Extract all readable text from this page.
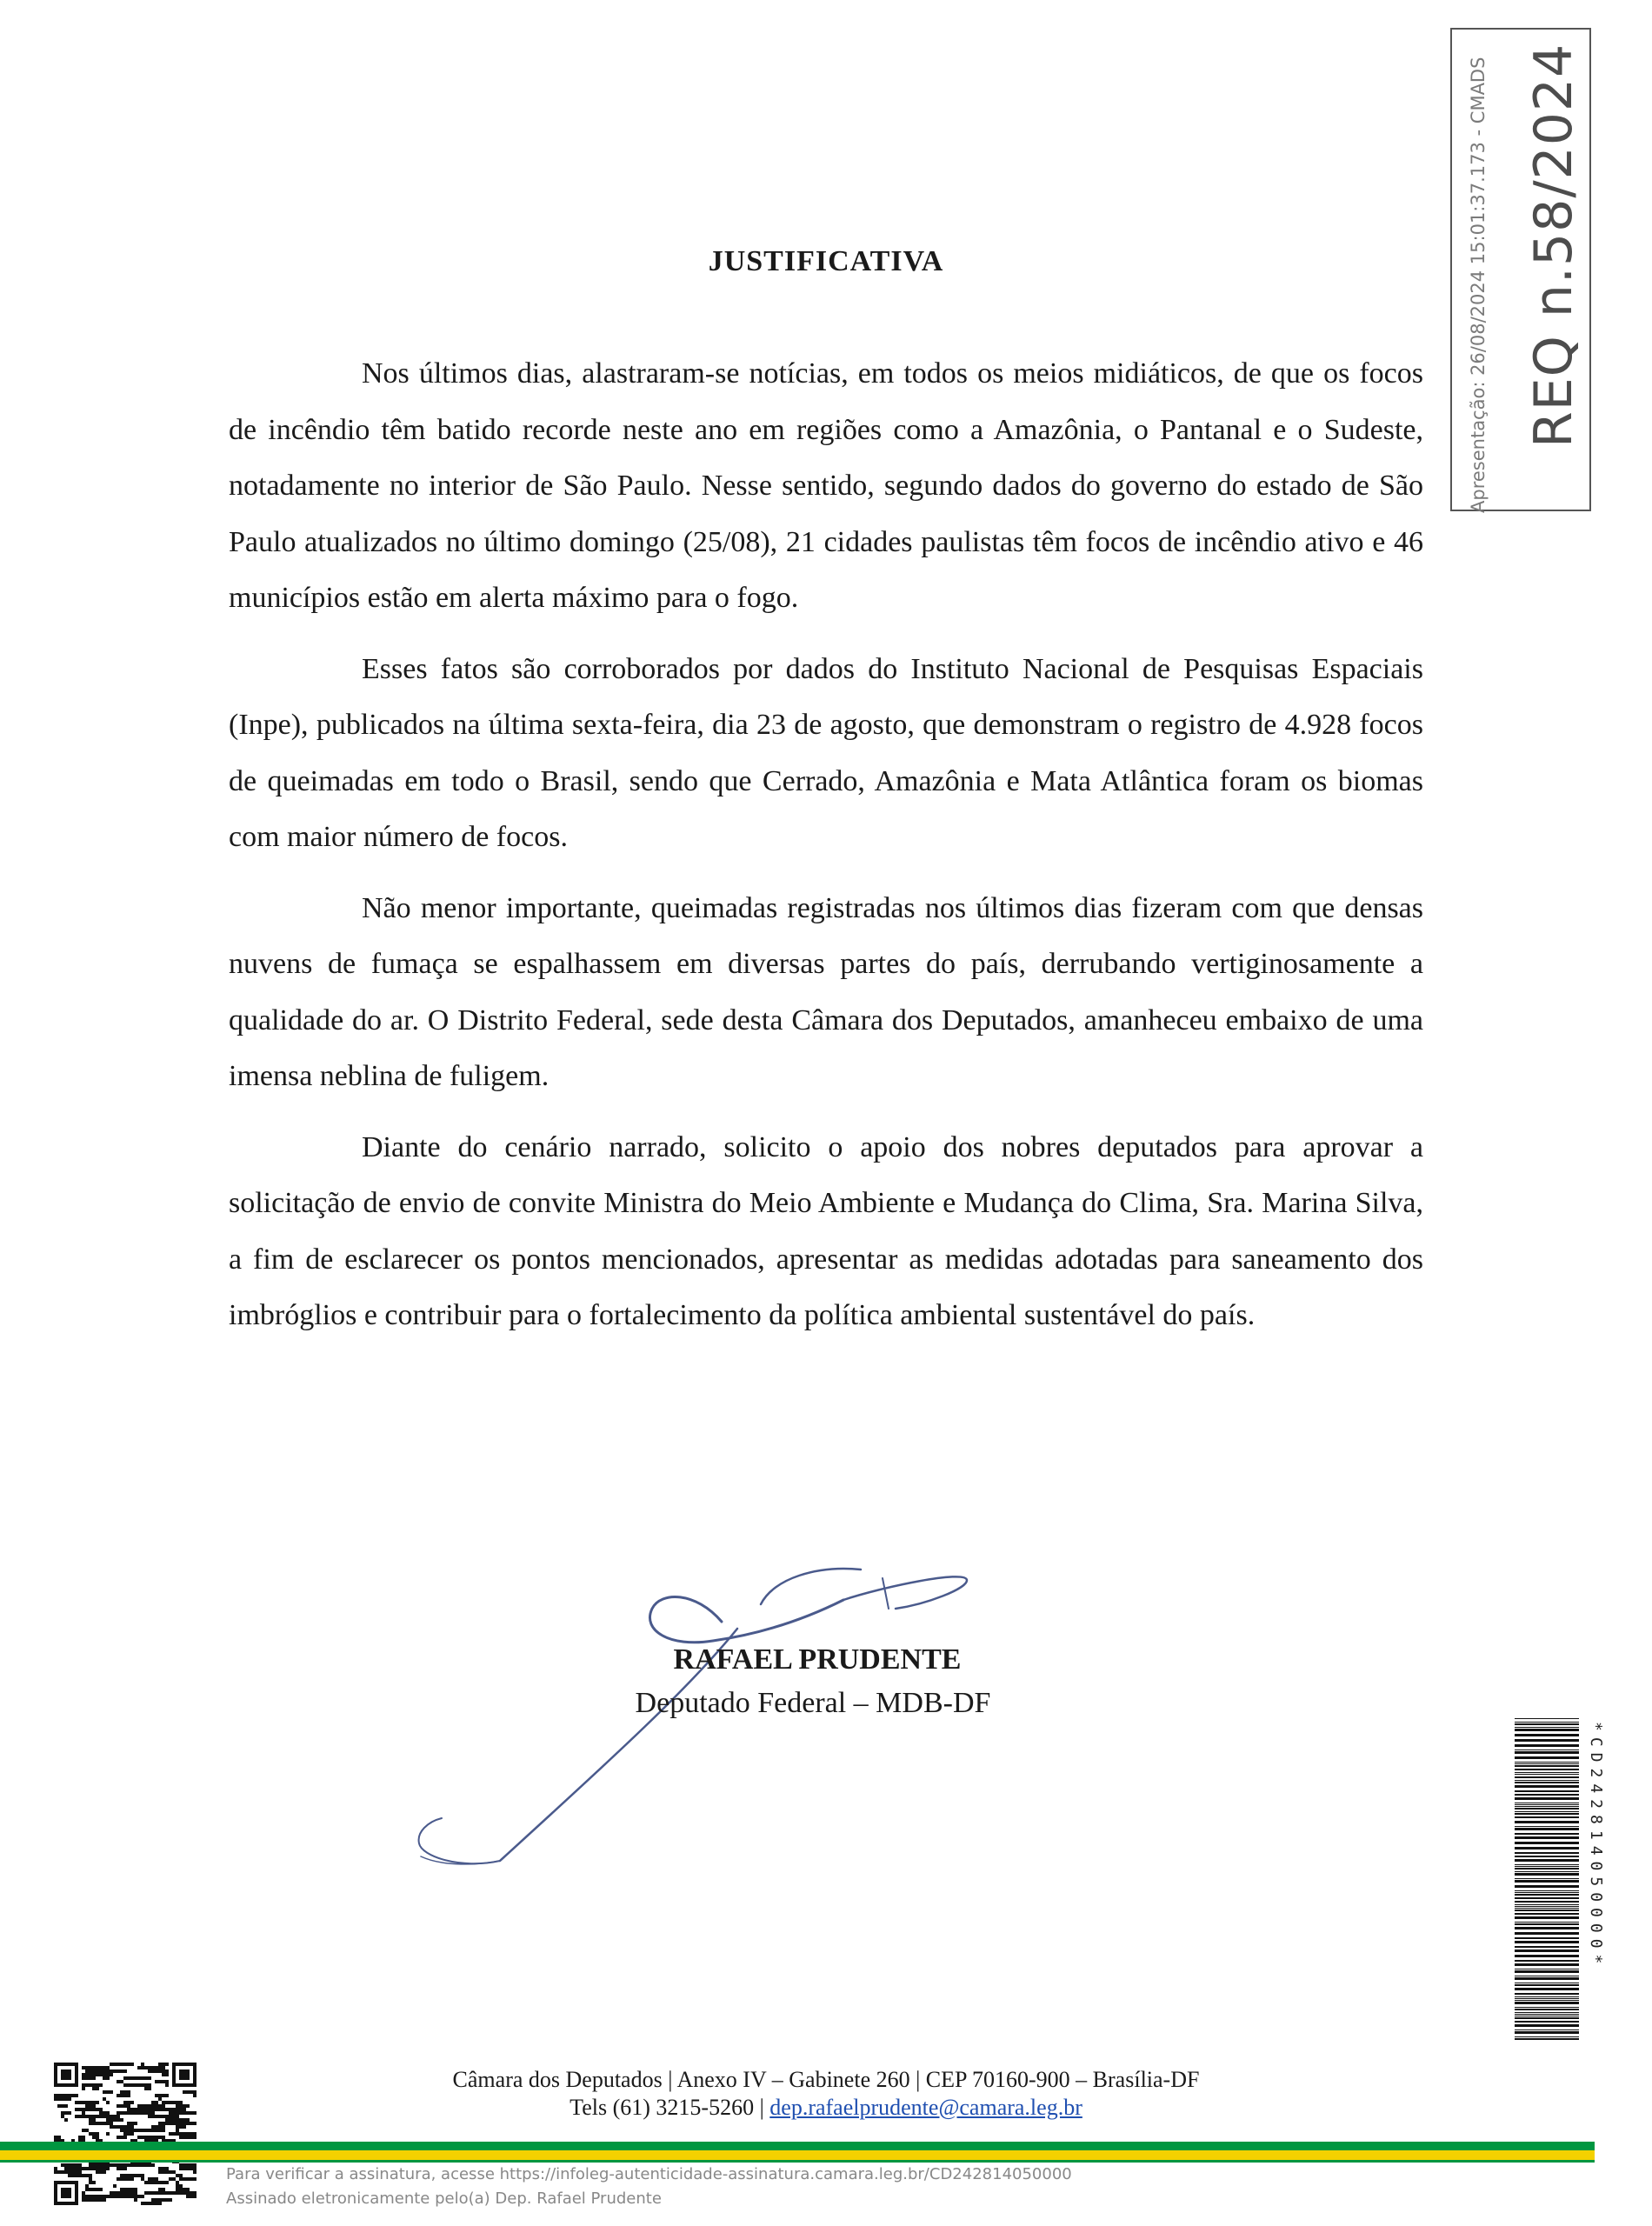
JUSTIFICATIVA

Nos últimos dias, alastraram-se notícias, em todos os meios midiáticos, de que os focos de incêndio têm batido recorde neste ano em regiões como a Amazônia, o Pantanal e o Sudeste, notadamente no interior de São Paulo. Nesse sentido, segundo dados do governo do estado de São Paulo atualizados no último domingo (25/08), 21 cidades paulistas têm focos de incêndio ativo e 46 municípios estão em alerta máximo para o fogo.

Esses fatos são corroborados por dados do Instituto Nacional de Pesquisas Espaciais (Inpe), publicados na última sexta-feira, dia 23 de agosto, que demonstram o registro de 4.928 focos de queimadas em todo o Brasil, sendo que Cerrado, Amazônia e Mata Atlântica foram os biomas com maior número de focos.

Não menor importante, queimadas registradas nos últimos dias fizeram com que densas nuvens de fumaça se espalhassem em diversas partes do país, derrubando vertiginosamente a qualidade do ar. O Distrito Federal, sede desta Câmara dos Deputados, amanheceu embaixo de uma imensa neblina de fuligem.

Diante do cenário narrado, solicito o apoio dos nobres deputados para aprovar a solicitação de envio de convite Ministra do Meio Ambiente e Mudança do Clima, Sra. Marina Silva, a fim de esclarecer os pontos mencionados, apresentar as medidas adotadas para saneamento dos imbróglios e contribuir para o fortalecimento da política ambiental sustentável do país.

Apresentação: 26/08/2024 15:01:37.173 - CMADS REQ n.58/2024
RAFAEL PRUDENTE
Deputado Federal – MDB-DF
*CD242814050000*
Câmara dos Deputados | Anexo IV – Gabinete 260 | CEP 70160-900 – Brasília-DF
Tels (61) 3215-5260 | dep.rafaelprudente@camara.leg.br
Para verificar a assinatura, acesse https://infoleg-autenticidade-assinatura.camara.leg.br/CD242814050000
Assinado eletronicamente pelo(a) Dep. Rafael Prudente
